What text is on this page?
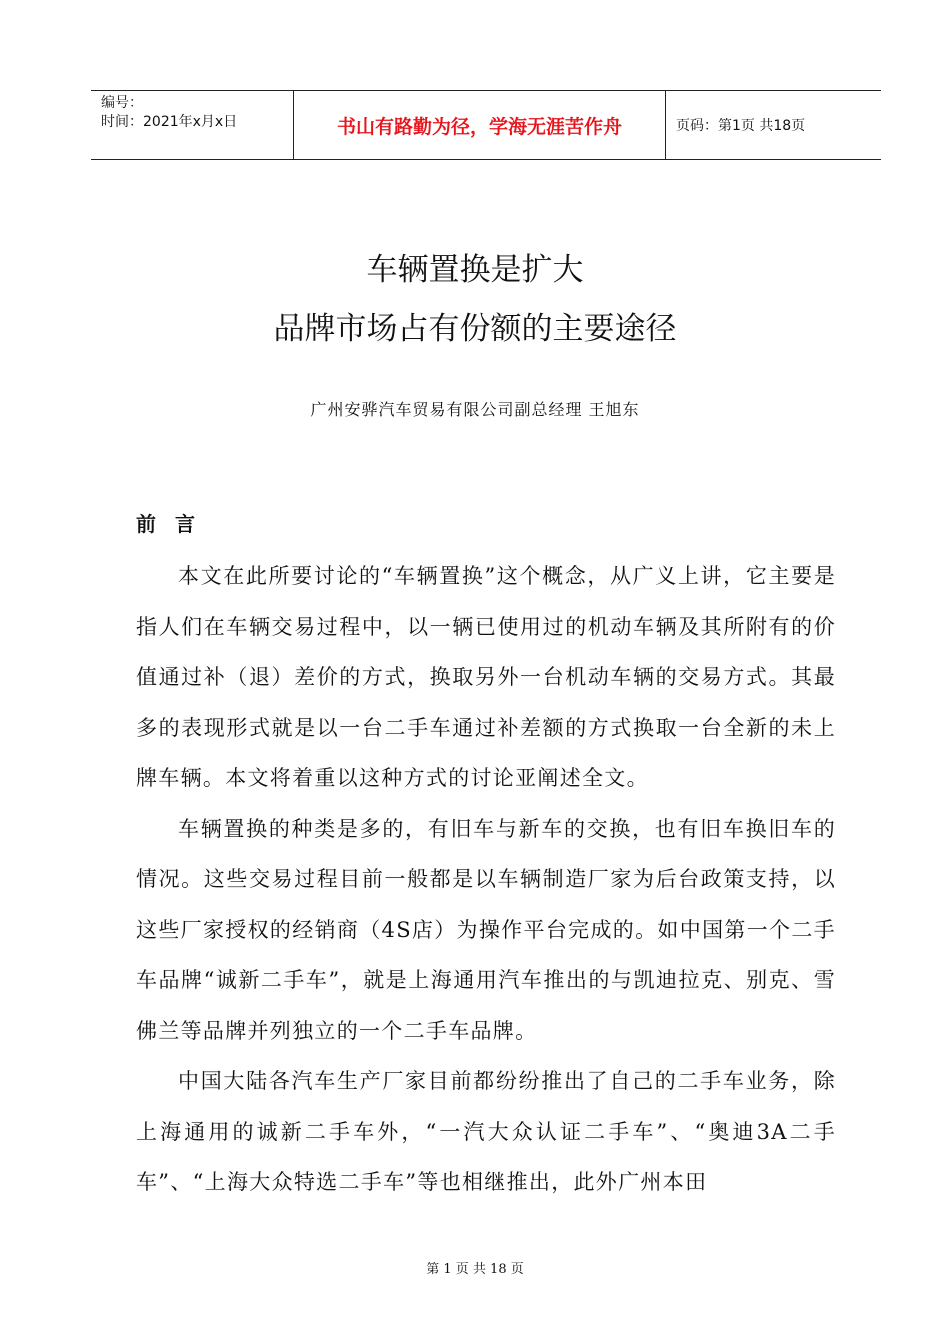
编号：
时间：2021年x月x日	书山有路勤为径，学海无涯苦作舟	页码：第1页 共18页
车辆置换是扩大
品牌市场占有份额的主要途径
广州安骅汽车贸易有限公司副总经理 王旭东
前 言

本文在此所要讨论的“车辆置换”这个概念，从广义上讲，它主要是指人们在车辆交易过程中，以一辆已使用过的机动车辆及其所附有的价值通过补（退）差价的方式，换取另外一台机动车辆的交易方式。其最多的表现形式就是以一台二手车通过补差额的方式换取一台全新的未上牌车辆。本文将着重以这种方式的讨论亚阐述全文。

车辆置换的种类是多的，有旧车与新车的交换，也有旧车换旧车的情况。这些交易过程目前一般都是以车辆制造厂家为后台政策支持，以这些厂家授权的经销商（4S店）为操作平台完成的。如中国第一个二手车品牌“诚新二手车”，就是上海通用汽车推出的与凯迪拉克、别克、雪佛兰等品牌并列独立的一个二手车品牌。

中国大陆各汽车生产厂家目前都纷纷推出了自己的二手车业务，除上海通用的诚新二手车外，“一汽大众认证二手车”、“奥迪3A二手车”、“上海大众特选二手车”等也相继推出，此外广州本田

第 1 页 共 18 页
